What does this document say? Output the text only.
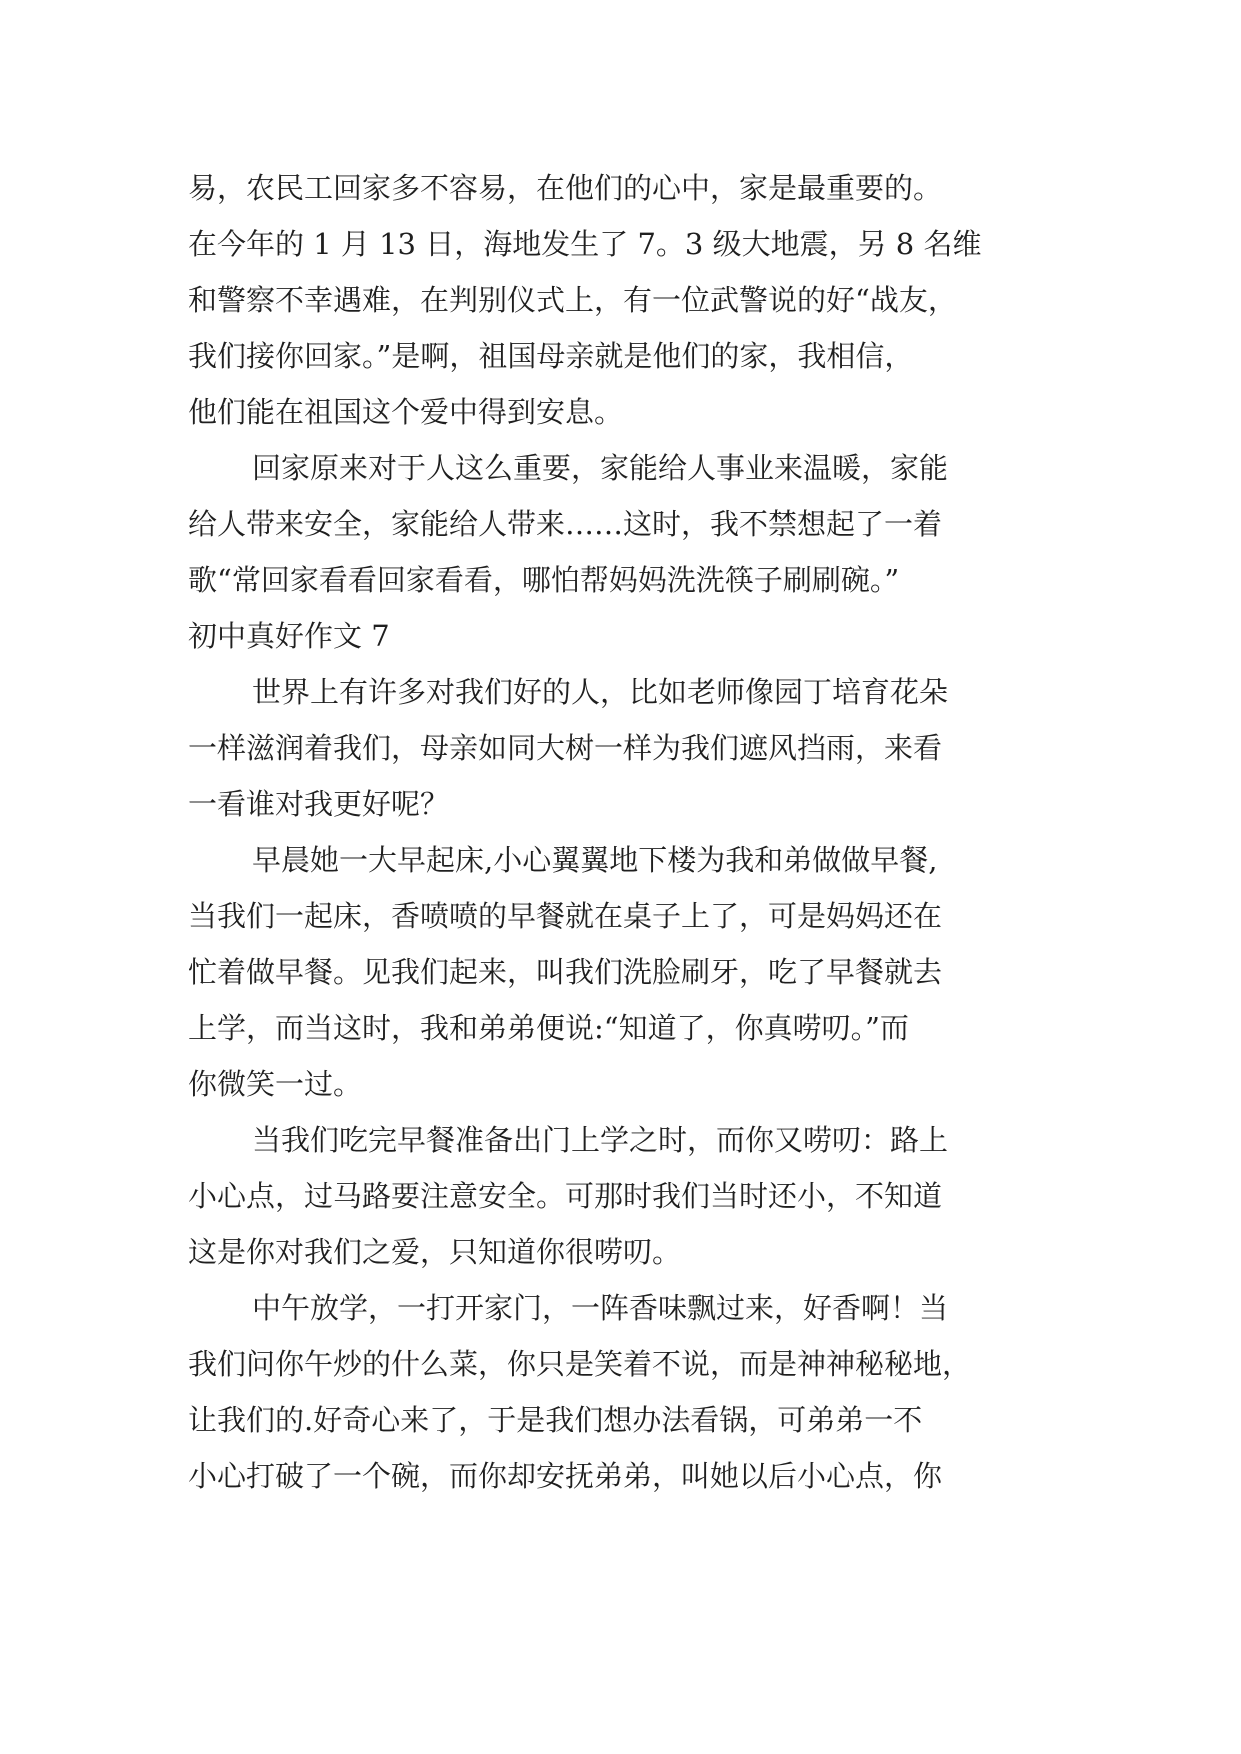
易，农民工回家多不容易，在他们的心中，家是最重要的。
在今年的 1 月 13 日，海地发生了 7。3 级大地震，另 8 名维
和警察不幸遇难，在判别仪式上，有一位武警说的好“战友，
我们接你回家。”是啊，祖国母亲就是他们的家，我相信，
他们能在祖国这个爱中得到安息。
回家原来对于人这么重要，家能给人事业来温暖，家能
给人带来安全，家能给人带来……这时，我不禁想起了一着
歌“常回家看看回家看看，哪怕帮妈妈洗洗筷子刷刷碗。”
初中真好作文 7
世界上有许多对我们好的人，比如老师像园丁培育花朵
一样滋润着我们，母亲如同大树一样为我们遮风挡雨，来看
一看谁对我更好呢？
早晨她一大早起床,小心翼翼地下楼为我和弟做做早餐,
当我们一起床，香喷喷的早餐就在桌子上了，可是妈妈还在
忙着做早餐。见我们起来，叫我们洗脸刷牙，吃了早餐就去
上学，而当这时，我和弟弟便说:“知道了，你真唠叨。”而
你微笑一过。
当我们吃完早餐准备出门上学之时，而你又唠叨：路上
小心点，过马路要注意安全。可那时我们当时还小，不知道
这是你对我们之爱，只知道你很唠叨。
中午放学，一打开家门，一阵香味飘过来，好香啊！当
我们问你午炒的什么菜，你只是笑着不说，而是神神秘秘地，
让我们的.好奇心来了，于是我们想办法看锅，可弟弟一不
小心打破了一个碗，而你却安抚弟弟，叫她以后小心点，你
